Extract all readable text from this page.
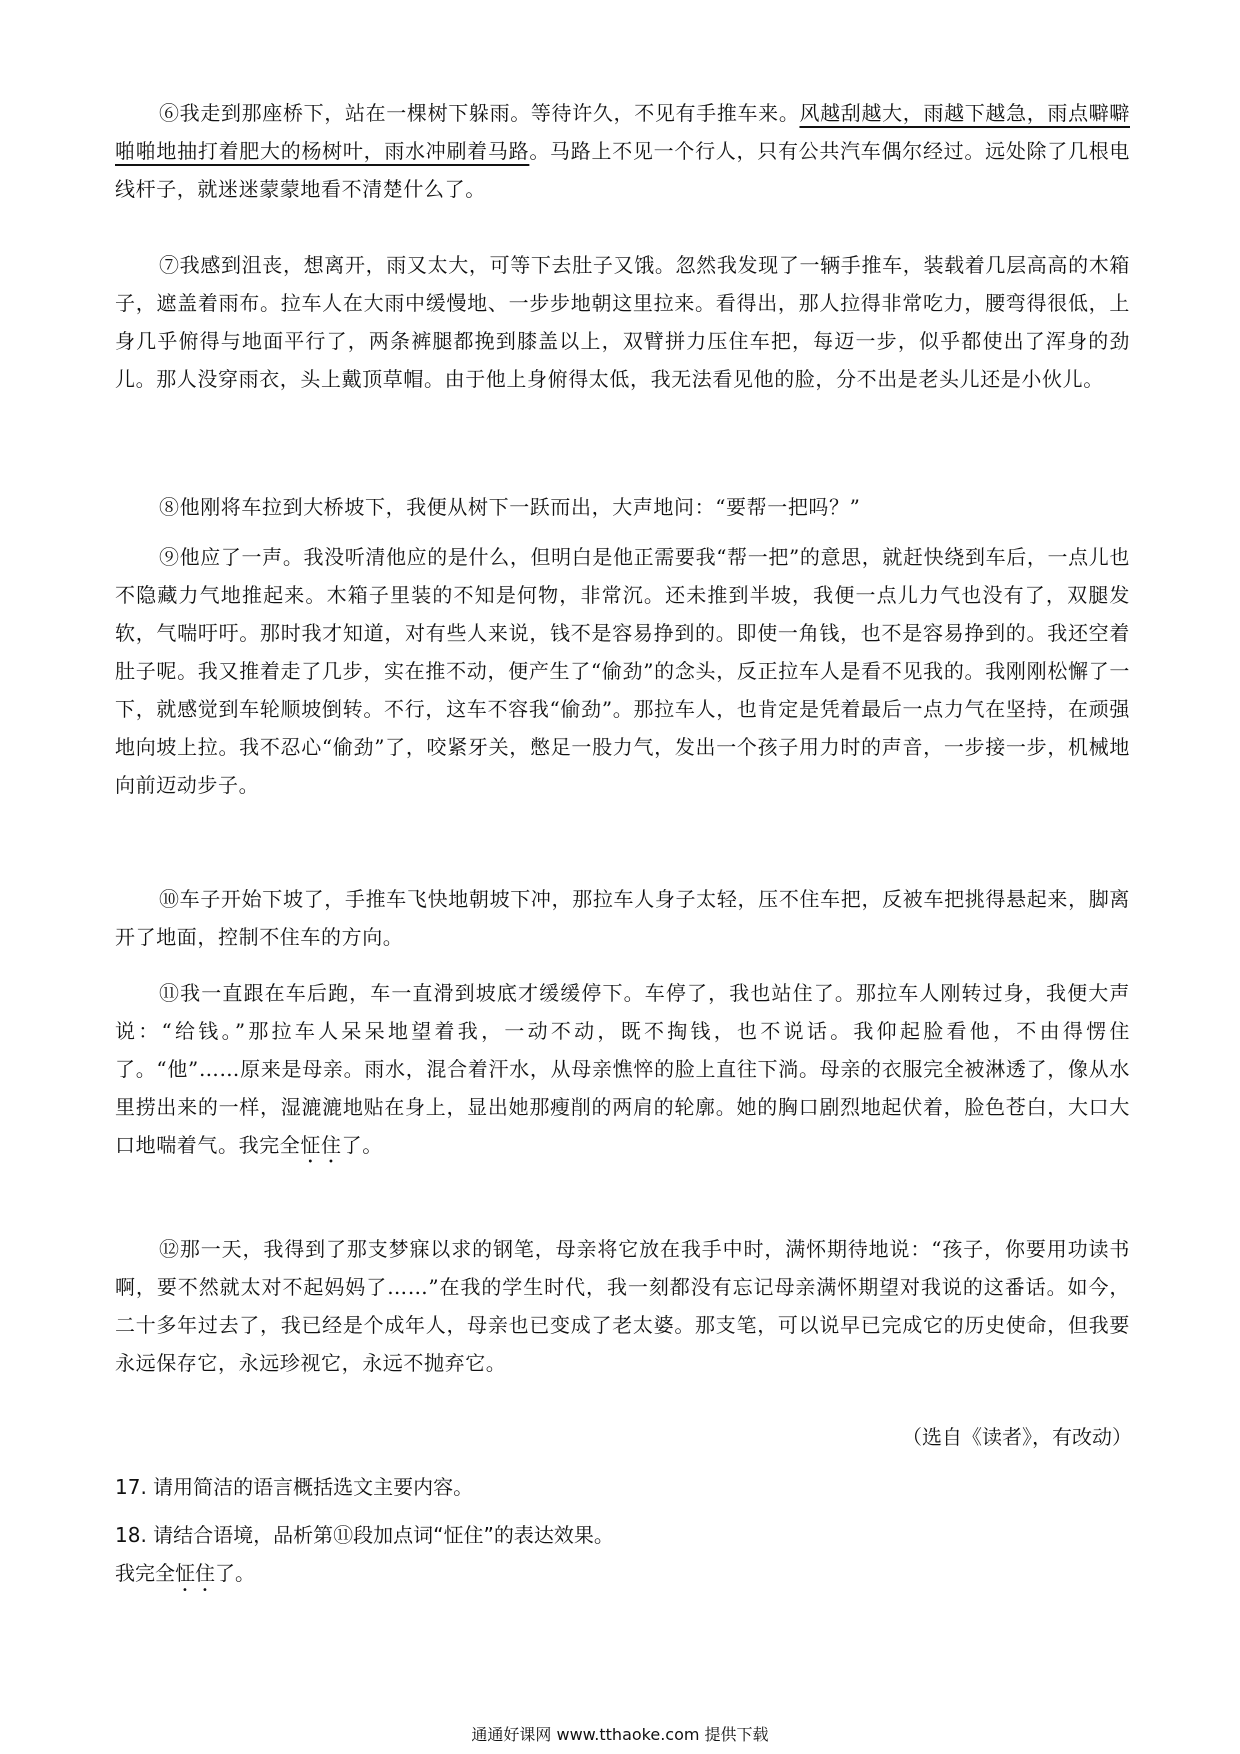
⑥我走到那座桥下，站在一棵树下躲雨。等待许久，不见有手推车来。风越刮越大，雨越下越急，雨点噼噼啪啪地抽打着肥大的杨树叶，雨水冲刷着马路。马路上不见一个行人，只有公共汽车偶尔经过。远处除了几根电线杆子，就迷迷蒙蒙地看不清楚什么了。

⑦我感到沮丧，想离开，雨又太大，可等下去肚子又饿。忽然我发现了一辆手推车，装载着几层高高的木箱子，遮盖着雨布。拉车人在大雨中缓慢地、一步步地朝这里拉来。看得出，那人拉得非常吃力，腰弯得很低，上身几乎俯得与地面平行了，两条裤腿都挽到膝盖以上，双臂拼力压住车把，每迈一步，似乎都使出了浑身的劲儿。那人没穿雨衣，头上戴顶草帽。由于他上身俯得太低，我无法看见他的脸，分不出是老头儿还是小伙儿。

⑧他刚将车拉到大桥坡下，我便从树下一跃而出，大声地问：“要帮一把吗？”

⑨他应了一声。我没听清他应的是什么，但明白是他正需要我“帮一把”的意思，就赶快绕到车后，一点儿也不隐藏力气地推起来。木箱子里装的不知是何物，非常沉。还未推到半坡，我便一点儿力气也没有了，双腿发软，气喘吁吁。那时我才知道，对有些人来说，钱不是容易挣到的。即使一角钱，也不是容易挣到的。我还空着肚子呢。我又推着走了几步，实在推不动，便产生了“偷劲”的念头，反正拉车人是看不见我的。我刚刚松懈了一下，就感觉到车轮顺坡倒转。不行，这车不容我“偷劲”。那拉车人，也肯定是凭着最后一点力气在坚持，在顽强地向坡上拉。我不忍心“偷劲”了，咬紧牙关，憋足一股力气，发出一个孩子用力时的声音，一步接一步，机械地向前迈动步子。

⑩车子开始下坡了，手推车飞快地朝坡下冲，那拉车人身子太轻，压不住车把，反被车把挑得悬起来，脚离开了地面，控制不住车的方向。

⑪我一直跟在车后跑，车一直滑到坡底才缓缓停下。车停了，我也站住了。那拉车人刚转过身，我便大声说：“给钱。”那拉车人呆呆地望着我，一动不动，既不掏钱，也不说话。我仰起脸看他，不由得愣住了。“他”……原来是母亲。雨水，混合着汗水，从母亲憔悴的脸上直往下淌。母亲的衣服完全被淋透了，像从水里捞出来的一样，湿漉漉地贴在身上，显出她那瘦削的两肩的轮廓。她的胸口剧烈地起伏着，脸色苍白，大口大口地喘着气。我完全怔住了。

⑫那一天，我得到了那支梦寐以求的钢笔，母亲将它放在我手中时，满怀期待地说：“孩子，你要用功读书啊，要不然就太对不起妈妈了……”在我的学生时代，我一刻都没有忘记母亲满怀期望对我说的这番话。如今，二十多年过去了，我已经是个成年人，母亲也已变成了老太婆。那支笔，可以说早已完成它的历史使命，但我要永远保存它，永远珍视它，永远不抛弃它。

（选自《读者》，有改动）

17. 请用简洁的语言概括选文主要内容。

18. 请结合语境，品析第⑪段加点词“怔住”的表达效果。

我完全怔住了。

通通好课网 www.tthaoke.com 提供下载
